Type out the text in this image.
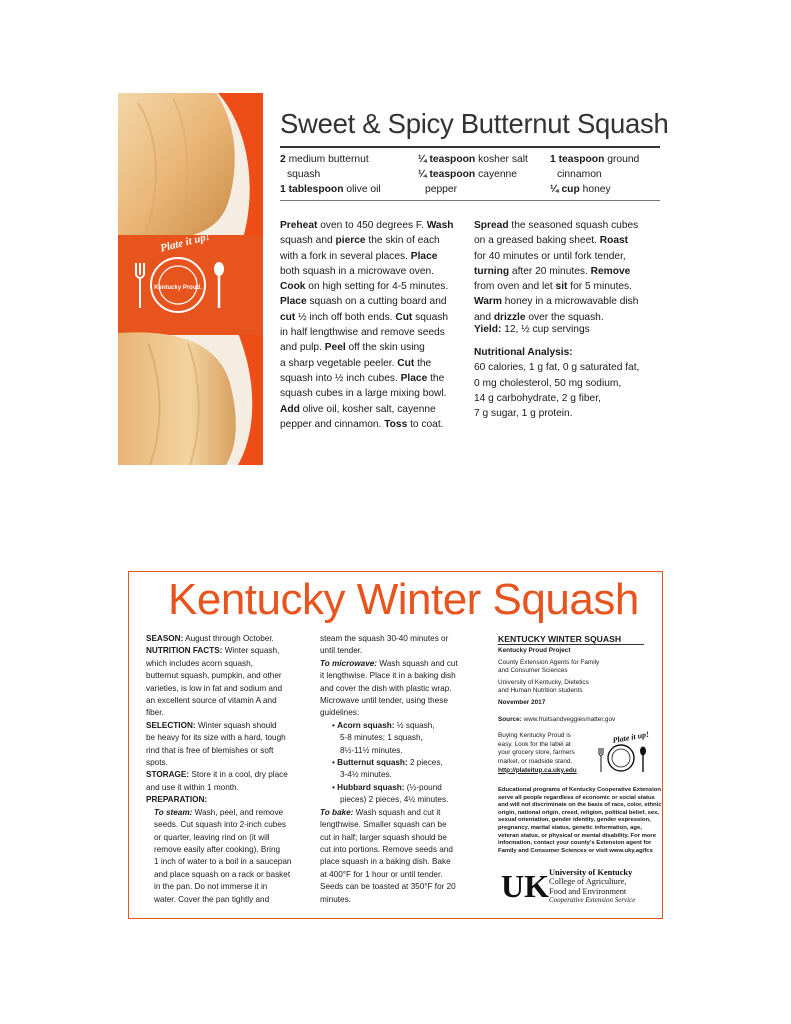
Plate it up!
Kentucky Proud.
Sweet & Spicy Butternut Squash
2 medium butternut
squash
1 tablespoon olive oil
¼ teaspoon kosher salt
¼ teaspoon cayenne
pepper
1 teaspoon ground
cinnamon
¼ cup honey
Preheat oven to 450 degrees F. Wash
squash and pierce the skin of each
with a fork in several places. Place
both squash in a microwave oven.
Cook on high setting for 4-5 minutes.
Place squash on a cutting board and
cut ½ inch off both ends. Cut squash
in half lengthwise and remove seeds
and pulp. Peel off the skin using
a sharp vegetable peeler. Cut the
squash into ½ inch cubes. Place the
squash cubes in a large mixing bowl.
Add olive oil, kosher salt, cayenne
pepper and cinnamon. Toss to coat.
Spread the seasoned squash cubes
on a greased baking sheet. Roast
for 40 minutes or until fork tender,
turning after 20 minutes. Remove
from oven and let sit for 5 minutes.
Warm honey in a microwavable dish
and drizzle over the squash.
Yield: 12, ½ cup servings
Nutritional Analysis:
60 calories, 1 g fat, 0 g saturated fat,
0 mg cholesterol, 50 mg sodium,
14 g carbohydrate, 2 g fiber,
7 g sugar, 1 g protein.
Kentucky Winter Squash
SEASON: August through October.
NUTRITION FACTS: Winter squash,
which includes acorn squash,
butternut squash, pumpkin, and other
varieties, is low in fat and sodium and
an excellent source of vitamin A and
fiber.
SELECTION: Winter squash should
be heavy for its size with a hard, tough
rind that is free of blemishes or soft
spots.
STORAGE: Store it in a cool, dry place
and use it within 1 month.
PREPARATION:
To steam: Wash, peel, and remove
seeds. Cut squash into 2-inch cubes
or quarter, leaving rind on (it will
remove easily after cooking). Bring
1 inch of water to a boil in a saucepan
and place squash on a rack or basket
in the pan. Do not immerse it in
water. Cover the pan tightly and
steam the squash 30-40 minutes or
until tender.
To microwave: Wash squash and cut
it lengthwise. Place it in a baking dish
and cover the dish with plastic wrap.
Microwave until tender, using these
guidelines:
• Acorn squash: ½ squash,
5-8 minutes; 1 squash,
8½-11½ minutes.
• Butternut squash: 2 pieces,
3-4½ minutes.
• Hubbard squash: (½-pound
pieces) 2 pieces, 4½ minutes.
To bake: Wash squash and cut it
lengthwise. Smaller squash can be
cut in half; larger squash should be
cut into portions. Remove seeds and
place squash in a baking dish. Bake
at 400°F for 1 hour or until tender.
Seeds can be toasted at 350°F for 20
minutes.
KENTUCKY WINTER SQUASH
Kentucky Proud Project
County Extension Agents for Family
and Consumer Sciences
University of Kentucky, Dietetics
and Human Nutrition students
November 2017
Source: www.fruitsandveggiesmatter.gov
Buying Kentucky Proud is
easy. Look for the label at
your grocery store, farmers
market, or roadside stand.
http://plateitup.ca.uky.edu
Plate it up!
Educational programs of Kentucky Cooperative Extension
serve all people regardless of economic or social status
and will not discriminate on the basis of race, color, ethnic
origin, national origin, creed, religion, political belief, sex,
sexual orientation, gender identity, gender expression,
pregnancy, marital status, genetic information, age,
veteran status, or physical or mental disability. For more
information, contact your county's Extension agent for
Family and Consumer Sciences or visit www.uky.ag/fcs
UK University of Kentucky
College of Agriculture,
Food and Environment
Cooperative Extension Service
